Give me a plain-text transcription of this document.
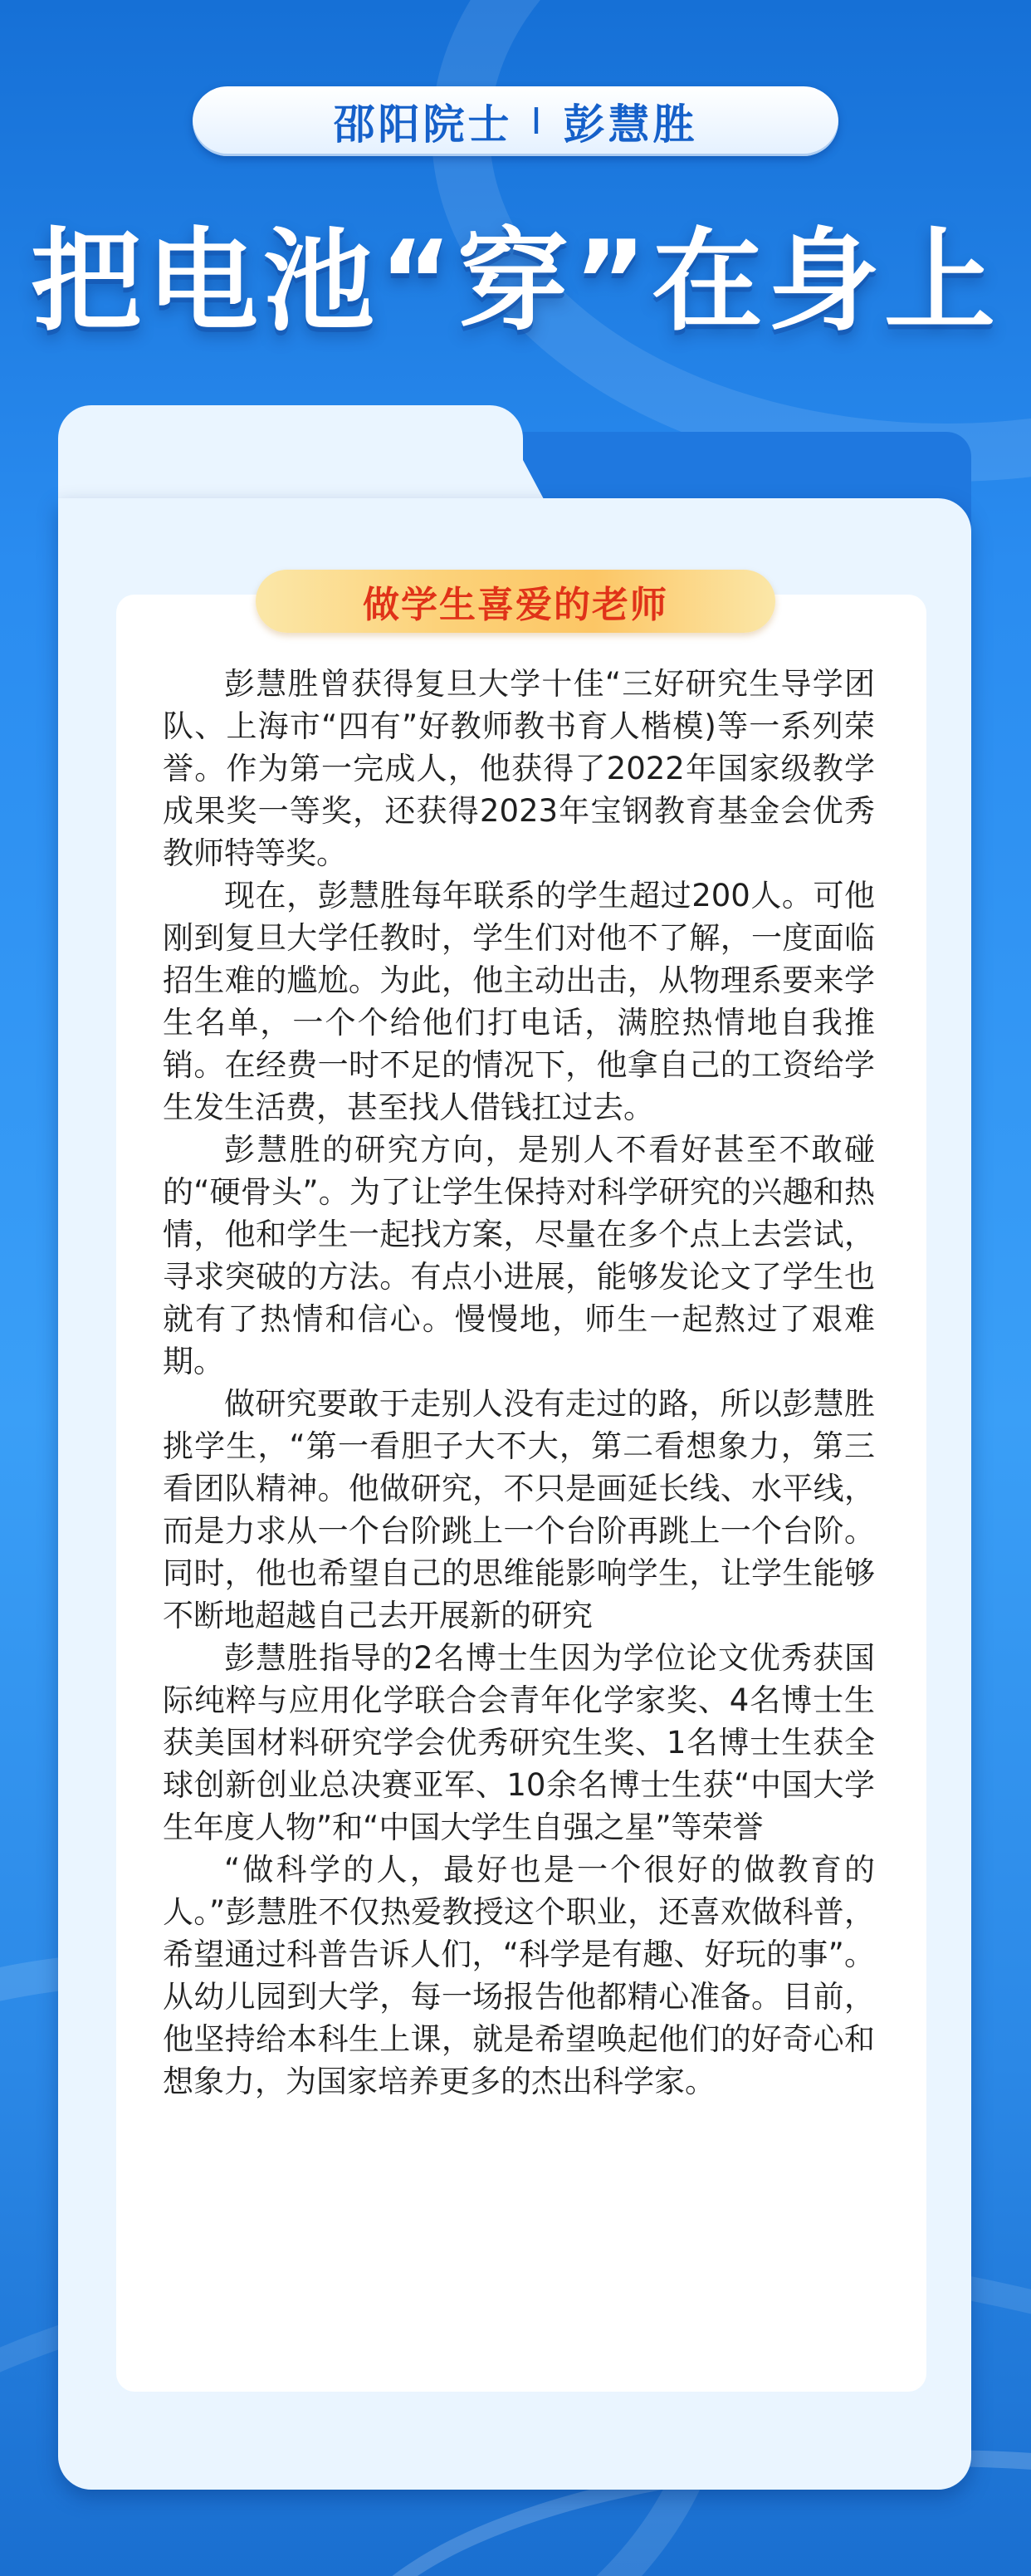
邵阳院士 I 彭慧胜
把电池“穿”在身上
做学生喜爱的老师

彭慧胜曾获得复旦大学十佳“三好研究生导学团队、上海市“四有”好教师教书育人楷模)等一系列荣誉。作为第一完成人，他获得了2022年国家级教学成果奖一等奖，还获得2023年宝钢教育基金会优秀教师特等奖。

现在，彭慧胜每年联系的学生超过200人。可他刚到复旦大学任教时，学生们对他不了解，一度面临招生难的尴尬。为此，他主动出击，从物理系要来学生名单，一个个给他们打电话，满腔热情地自我推销。在经费一时不足的情况下，他拿自己的工资给学生发生活费，甚至找人借钱扛过去。

彭慧胜的研究方向，是别人不看好甚至不敢碰的“硬骨头”。为了让学生保持对科学研究的兴趣和热情，他和学生一起找方案，尽量在多个点上去尝试，寻求突破的方法。有点小进展，能够发论文了学生也就有了热情和信心。慢慢地，师生一起熬过了艰难期。

做研究要敢于走别人没有走过的路，所以彭慧胜挑学生，“第一看胆子大不大，第二看想象力，第三看团队精神。他做研究，不只是画延长线、水平线，而是力求从一个台阶跳上一个台阶再跳上一个台阶。同时，他也希望自己的思维能影响学生，让学生能够不断地超越自己去开展新的研究

彭慧胜指导的2名博士生因为学位论文优秀获国际纯粹与应用化学联合会青年化学家奖、4名博士生获美国材料研究学会优秀研究生奖、1名博士生获全球创新创业总决赛亚军、10余名博士生获“中国大学生年度人物”和“中国大学生自强之星”等荣誉

“做科学的人，最好也是一个很好的做教育的人。”彭慧胜不仅热爱教授这个职业，还喜欢做科普，希望通过科普告诉人们，“科学是有趣、好玩的事”。从幼儿园到大学，每一场报告他都精心准备。目前，他坚持给本科生上课，就是希望唤起他们的好奇心和想象力，为国家培养更多的杰出科学家。
